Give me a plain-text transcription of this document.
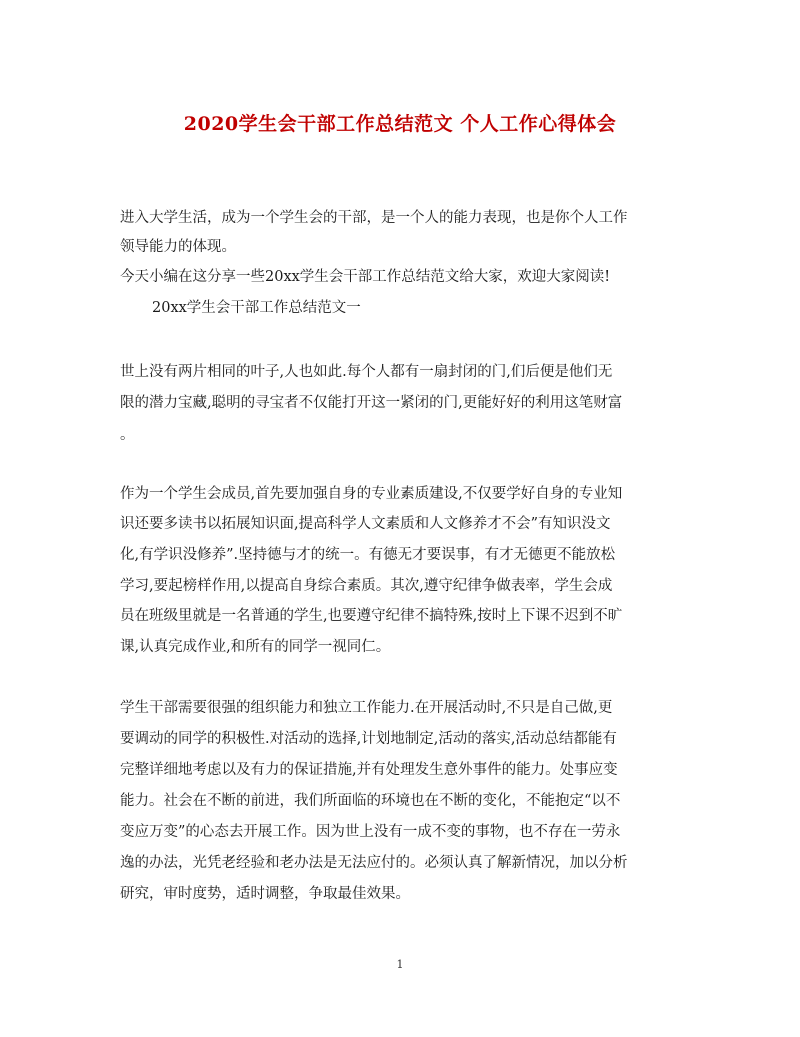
2020学生会干部工作总结范文 个人工作心得体会
进入大学生活，成为一个学生会的干部，是一个人的能力表现，也是你个人工作
领导能力的体现。
今天小编在这分享一些20xx学生会干部工作总结范文给大家，欢迎大家阅读!
20xx学生会干部工作总结范文一
世上没有两片相同的叶子,人也如此.每个人都有一扇封闭的门,们后便是他们无
限的潜力宝藏,聪明的寻宝者不仅能打开这一紧闭的门,更能好好的利用这笔财富
。
作为一个学生会成员,首先要加强自身的专业素质建设,不仅要学好自身的专业知
识还要多读书以拓展知识面,提高科学人文素质和人文修养才不会”有知识没文
化,有学识没修养”.坚持德与才的统一。有德无才要误事，有才无德更不能放松
学习,要起榜样作用,以提高自身综合素质。其次,遵守纪律争做表率，学生会成
员在班级里就是一名普通的学生,也要遵守纪律不搞特殊,按时上下课不迟到不旷
课,认真完成作业,和所有的同学一视同仁。
学生干部需要很强的组织能力和独立工作能力.在开展活动时,不只是自己做,更
要调动的同学的积极性.对活动的选择,计划地制定,活动的落实,活动总结都能有
完整详细地考虑以及有力的保证措施,并有处理发生意外事件的能力。处事应变
能力。社会在不断的前进，我们所面临的环境也在不断的变化，不能抱定“以不
变应万变”的心态去开展工作。因为世上没有一成不变的事物，也不存在一劳永
逸的办法，光凭老经验和老办法是无法应付的。必须认真了解新情况，加以分析
研究，审时度势，适时调整，争取最佳效果。
1
